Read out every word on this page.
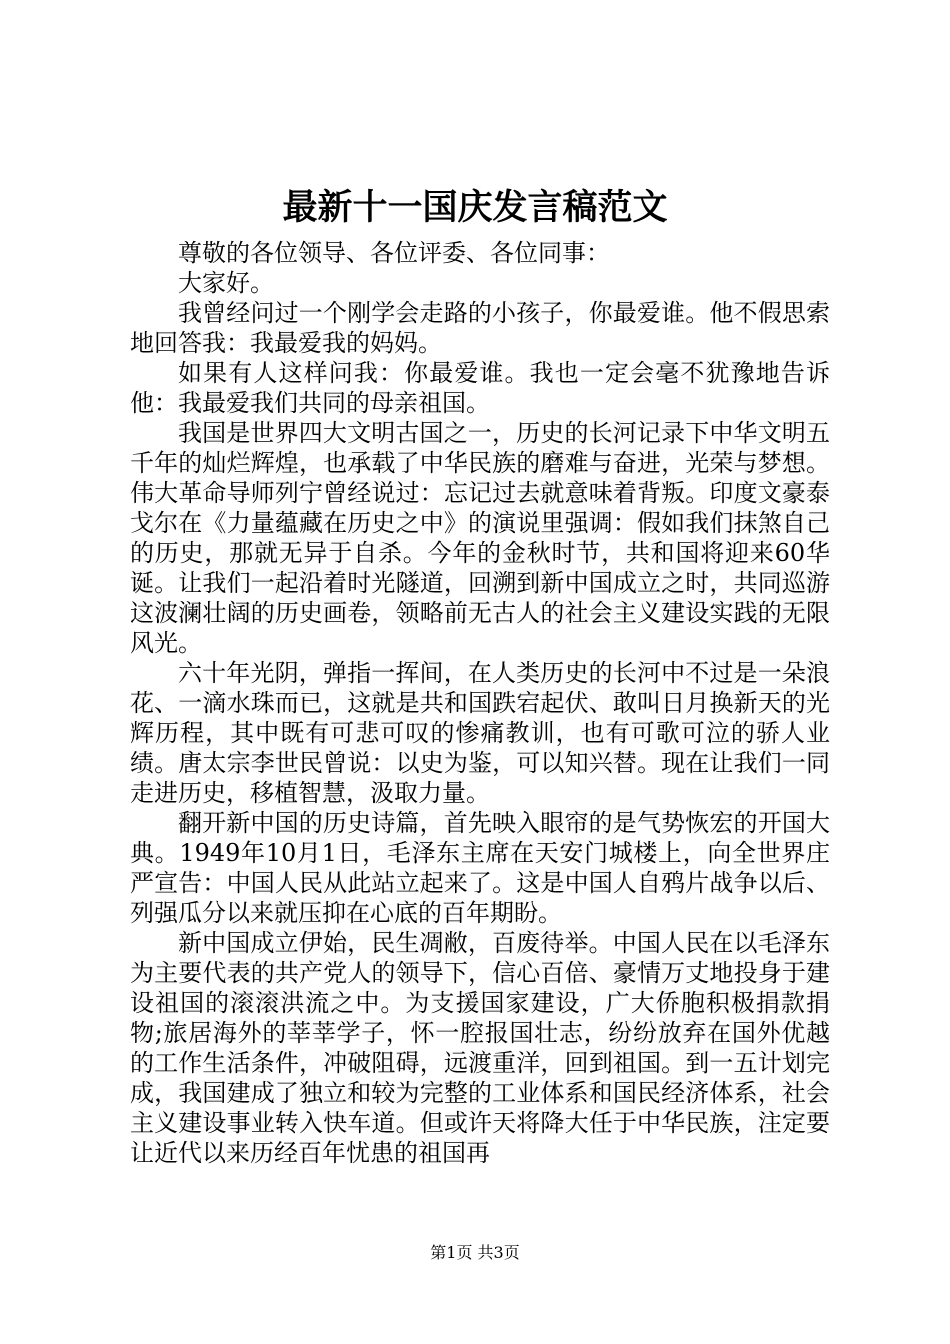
最新十一国庆发言稿范文

尊敬的各位领导、各位评委、各位同事：

大家好。

我曾经问过一个刚学会走路的小孩子，你最爱谁。他不假思索地回答我：我最爱我的妈妈。

如果有人这样问我：你最爱谁。我也一定会毫不犹豫地告诉他：我最爱我们共同的母亲祖国。

我国是世界四大文明古国之一，历史的长河记录下中华文明五千年的灿烂辉煌，也承载了中华民族的磨难与奋进，光荣与梦想。伟大革命导师列宁曾经说过：忘记过去就意味着背叛。印度文豪泰戈尔在《力量蕴藏在历史之中》的演说里强调：假如我们抹煞自己的历史，那就无异于自杀。今年的金秋时节，共和国将迎来60华诞。让我们一起沿着时光隧道，回溯到新中国成立之时，共同巡游这波澜壮阔的历史画卷，领略前无古人的社会主义建设实践的无限风光。

六十年光阴，弹指一挥间，在人类历史的长河中不过是一朵浪花、一滴水珠而已，这就是共和国跌宕起伏、敢叫日月换新天的光辉历程，其中既有可悲可叹的惨痛教训，也有可歌可泣的骄人业绩。唐太宗李世民曾说：以史为鉴，可以知兴替。现在让我们一同走进历史，移植智慧，汲取力量。

翻开新中国的历史诗篇，首先映入眼帘的是气势恢宏的开国大典。1949年10月1日，毛泽东主席在天安门城楼上，向全世界庄严宣告：中国人民从此站立起来了。这是中国人自鸦片战争以后、列强瓜分以来就压抑在心底的百年期盼。

新中国成立伊始，民生凋敝，百废待举。中国人民在以毛泽东为主要代表的共产党人的领导下，信心百倍、豪情万丈地投身于建设祖国的滚滚洪流之中。为支援国家建设，广大侨胞积极捐款捐物;旅居海外的莘莘学子，怀一腔报国壮志，纷纷放弃在国外优越的工作生活条件，冲破阻碍，远渡重洋，回到祖国。到一五计划完成，我国建成了独立和较为完整的工业体系和国民经济体系，社会主义建设事业转入快车道。但或许天将降大任于中华民族，注定要让近代以来历经百年忧患的祖国再

第1页 共3页
